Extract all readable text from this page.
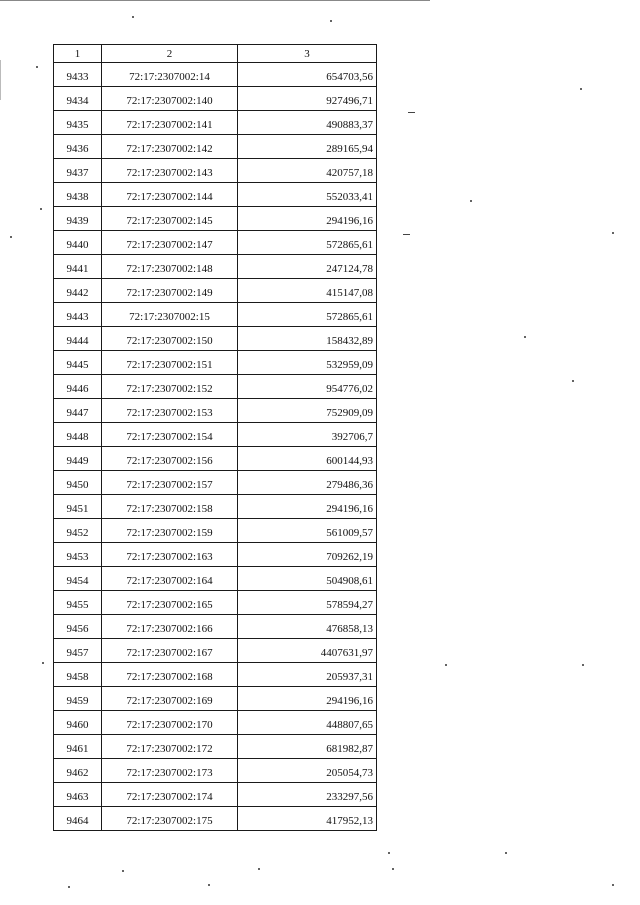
1	2	3
9433	72:17:2307002:14	654703,56
9434	72:17:2307002:140	927496,71
9435	72:17:2307002:141	490883,37
9436	72:17:2307002:142	289165,94
9437	72:17:2307002:143	420757,18
9438	72:17:2307002:144	552033,41
9439	72:17:2307002:145	294196,16
9440	72:17:2307002:147	572865,61
9441	72:17:2307002:148	247124,78
9442	72:17:2307002:149	415147,08
9443	72:17:2307002:15	572865,61
9444	72:17:2307002:150	158432,89
9445	72:17:2307002:151	532959,09
9446	72:17:2307002:152	954776,02
9447	72:17:2307002:153	752909,09
9448	72:17:2307002:154	392706,7
9449	72:17:2307002:156	600144,93
9450	72:17:2307002:157	279486,36
9451	72:17:2307002:158	294196,16
9452	72:17:2307002:159	561009,57
9453	72:17:2307002:163	709262,19
9454	72:17:2307002:164	504908,61
9455	72:17:2307002:165	578594,27
9456	72:17:2307002:166	476858,13
9457	72:17:2307002:167	4407631,97
9458	72:17:2307002:168	205937,31
9459	72:17:2307002:169	294196,16
9460	72:17:2307002:170	448807,65
9461	72:17:2307002:172	681982,87
9462	72:17:2307002:173	205054,73
9463	72:17:2307002:174	233297,56
9464	72:17:2307002:175	417952,13
